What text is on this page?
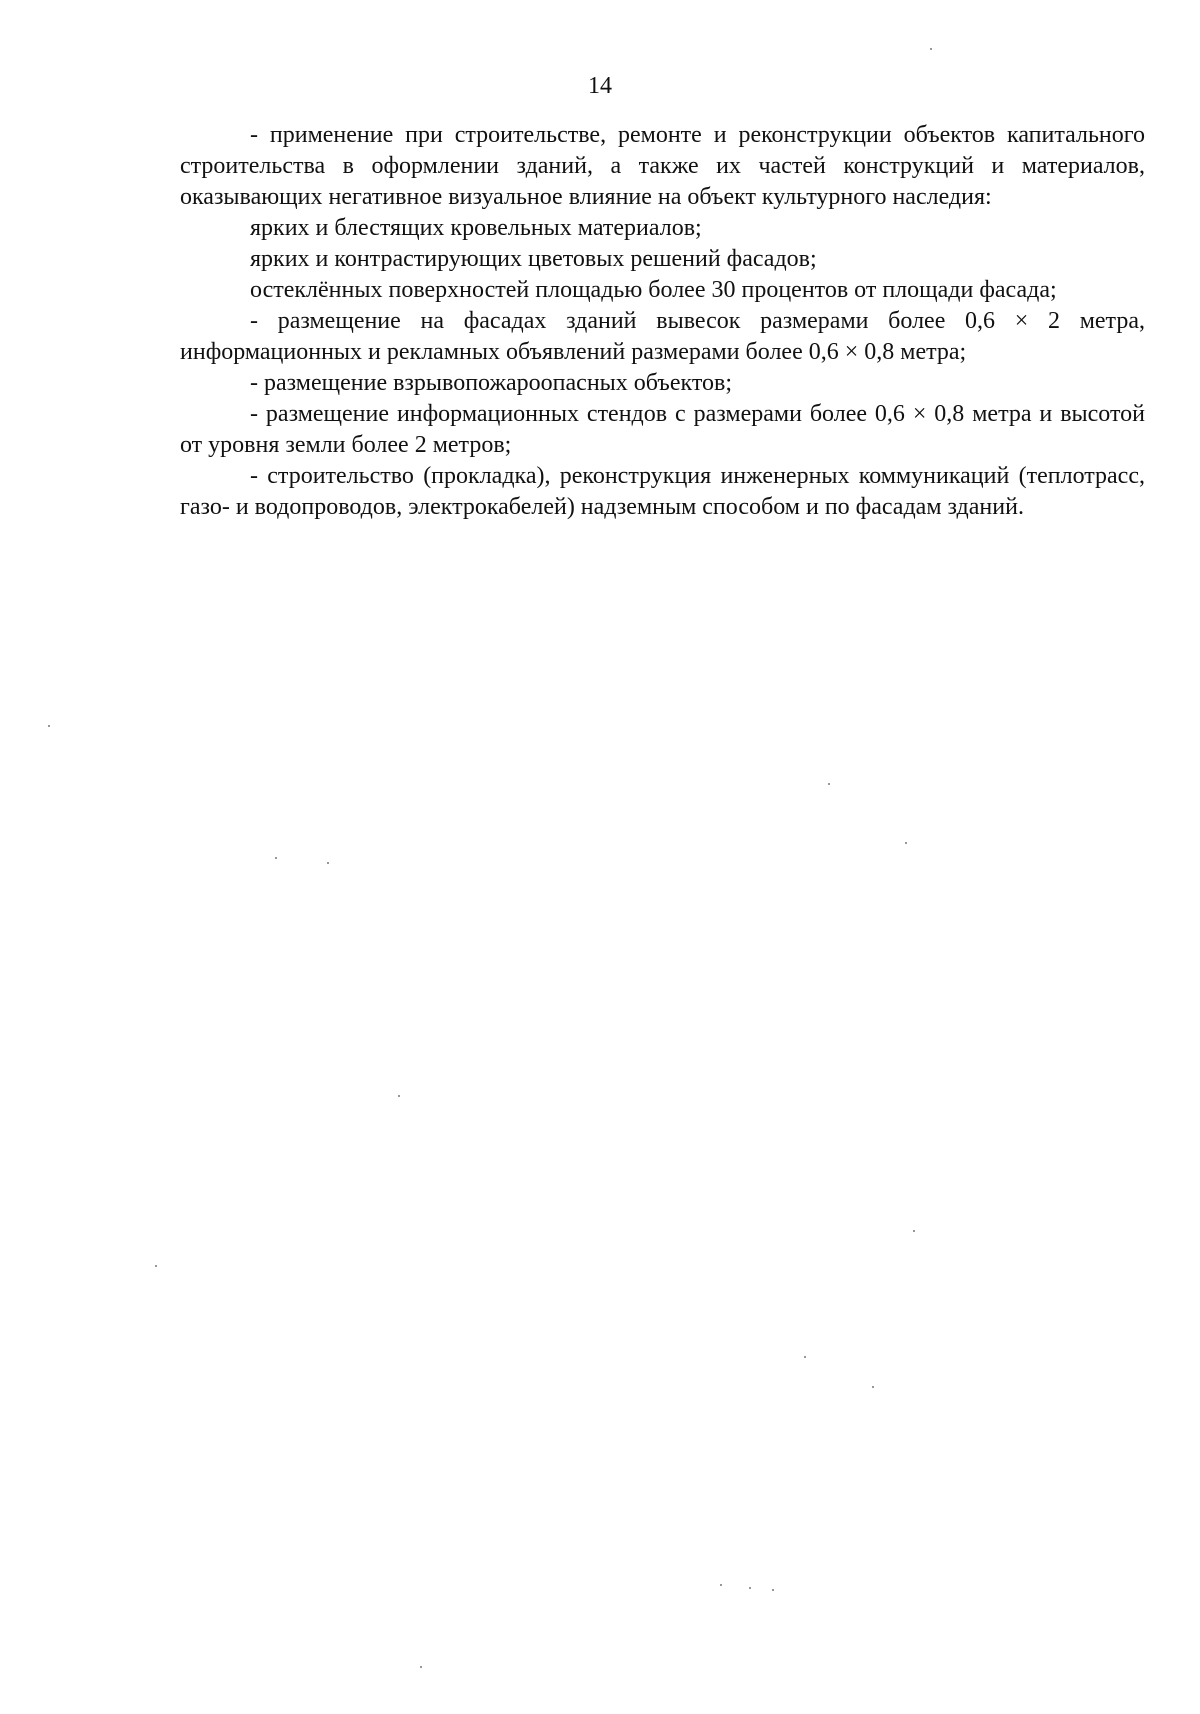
14

- применение при строительстве, ремонте и реконструкции объектов капитального строительства в оформлении зданий, а также их частей конструкций и материалов, оказывающих негативное визуальное влияние на объект культурного наследия:

ярких и блестящих кровельных материалов;

ярких и контрастирующих цветовых решений фасадов;

остеклённых поверхностей площадью более 30 процентов от площади фасада;

- размещение на фасадах зданий вывесок размерами более 0,6 × 2 метра, информационных и рекламных объявлений размерами более 0,6 × 0,8 метра;

- размещение взрывопожароопасных объектов;

- размещение информационных стендов с размерами более 0,6 × 0,8 метра и высотой от уровня земли более 2 метров;

- строительство (прокладка), реконструкция инженерных коммуникаций (теплотрасс, газо- и водопроводов, электрокабелей) надземным способом и по фасадам зданий.
